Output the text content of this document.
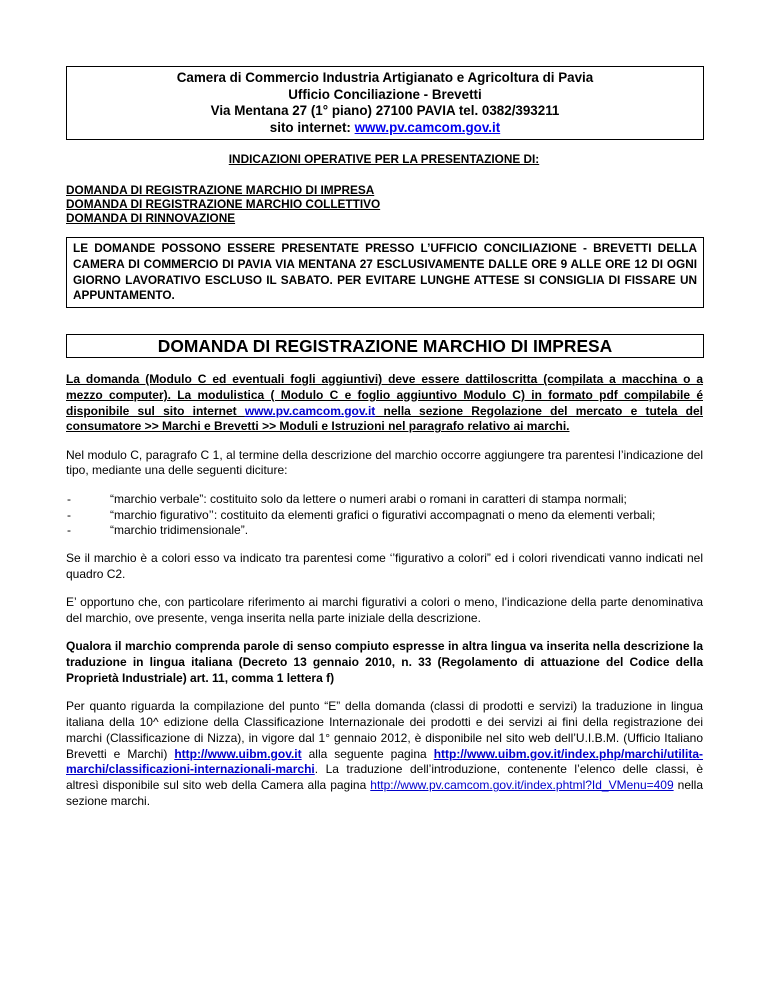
Camera di Commercio Industria Artigianato e Agricoltura di Pavia
Ufficio Conciliazione - Brevetti
Via Mentana 27 (1° piano) 27100 PAVIA tel. 0382/393211
sito internet: www.pv.camcom.gov.it
INDICAZIONI OPERATIVE PER LA PRESENTAZIONE DI:
DOMANDA DI REGISTRAZIONE MARCHIO DI IMPRESA
DOMANDA DI REGISTRAZIONE MARCHIO COLLETTIVO
DOMANDA DI RINNOVAZIONE

LE DOMANDE POSSONO ESSERE PRESENTATE PRESSO L’UFFICIO CONCILIAZIONE - BREVETTI DELLA CAMERA DI COMMERCIO DI PAVIA VIA MENTANA 27 ESCLUSIVAMENTE DALLE ORE 9 ALLE ORE 12 DI OGNI GIORNO LAVORATIVO ESCLUSO IL SABATO. PER EVITARE LUNGHE ATTESE SI CONSIGLIA DI FISSARE UN APPUNTAMENTO.

DOMANDA DI REGISTRAZIONE MARCHIO DI IMPRESA

La domanda (Modulo C ed eventuali fogli aggiuntivi) deve essere dattiloscritta (compilata a macchina o a mezzo computer). La modulistica ( Modulo C e foglio aggiuntivo Modulo C) in formato pdf compilabile é disponibile sul sito internet www.pv.camcom.gov.it nella sezione Regolazione del mercato e tutela del consumatore >> Marchi e Brevetti >> Moduli e Istruzioni nel paragrafo relativo ai marchi.

Nel modulo C, paragrafo C 1, al termine della descrizione del marchio occorre aggiungere tra parentesi l’indicazione del tipo, mediante una delle seguenti diciture:

-	“marchio verbale”: costituito solo da lettere o numeri arabi o romani in caratteri di stampa normali;
-	“marchio figurativo’’: costituito da elementi grafici o figurativi accompagnati o meno da elementi verbali;
-	“marchio tridimensionale”.

Se il marchio è a colori esso va indicato tra parentesi come ‘’figurativo a colori” ed i colori rivendicati vanno indicati nel quadro C2.

E’ opportuno che, con particolare riferimento ai marchi figurativi a colori o meno, l’indicazione della parte denominativa del marchio, ove presente, venga inserita nella parte iniziale della descrizione.

Qualora il marchio comprenda parole di senso compiuto espresse in altra lingua va inserita nella descrizione la traduzione in lingua italiana (Decreto 13 gennaio 2010, n. 33 (Regolamento di attuazione del Codice della Proprietà Industriale) art. 11, comma 1 lettera f)

Per quanto riguarda la compilazione del punto “E” della domanda (classi di prodotti e servizi) la traduzione in lingua italiana della 10^ edizione della Classificazione Internazionale dei prodotti e dei servizi ai fini della registrazione dei marchi (Classificazione di Nizza), in vigore dal 1° gennaio 2012, è disponibile nel sito web dell’U.I.B.M. (Ufficio Italiano Brevetti e Marchi) http://www.uibm.gov.it alla seguente pagina http://www.uibm.gov.it/index.php/marchi/utilita-marchi/classificazioni-internazionali-marchi. La traduzione dell’introduzione, contenente l’elenco delle classi, è altresì disponibile sul sito web della Camera alla pagina http://www.pv.camcom.gov.it/index.phtml?Id_VMenu=409 nella sezione marchi.
